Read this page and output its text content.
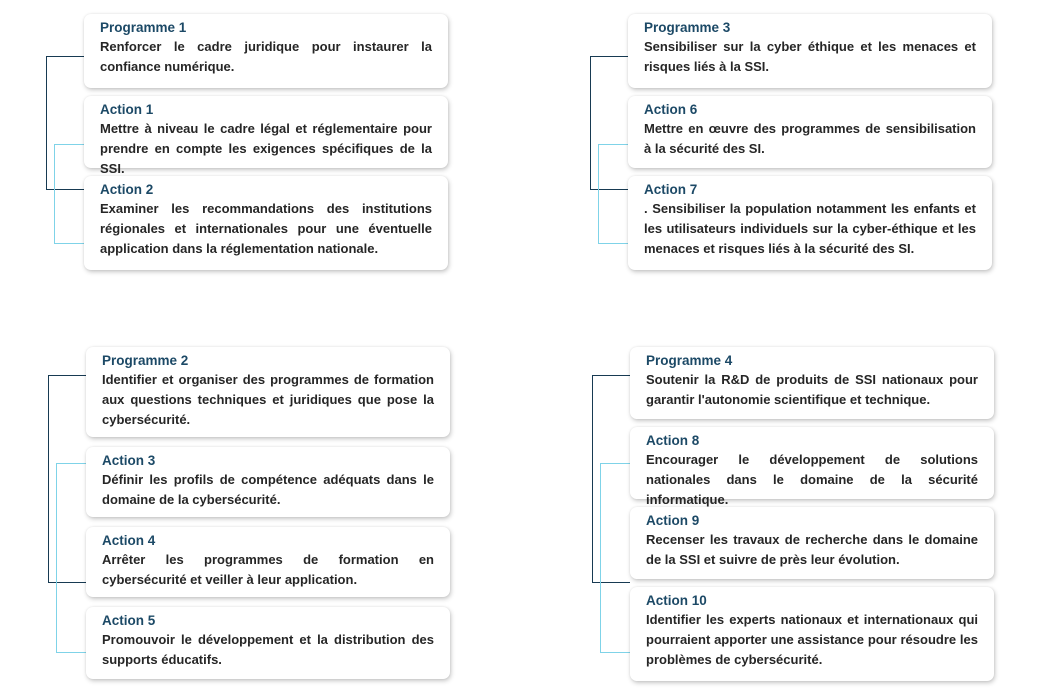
Programme 1
Renforcer le cadre juridique pour instaurer la confiance numérique.
Action 1
Mettre à niveau le cadre légal et réglementaire pour prendre en compte les exigences spécifiques de la SSI.
Action 2
Examiner les recommandations des institutions régionales et internationales pour une éventuelle application dans la réglementation nationale.
Programme 3
Sensibiliser sur la cyber éthique et les menaces et risques liés à la SSI.
Action 6
Mettre en œuvre des programmes de sensibilisation à la sécurité des SI.
Action 7
. Sensibiliser la population notamment les enfants et les utilisateurs individuels sur la cyber-éthique et les menaces et risques liés à la sécurité des SI.
Programme 2
Identifier et organiser des programmes de formation aux questions techniques et juridiques que pose la cybersécurité.
Action 3
Définir les profils de compétence adéquats dans le domaine de la cybersécurité.
Action 4
Arrêter les programmes de formation en cybersécurité et veiller à leur application.
Action 5
Promouvoir le développement et la distribution des supports éducatifs.
Programme 4
Soutenir la R&D de produits de SSI nationaux pour garantir l'autonomie scientifique et technique.
Action 8
Encourager le développement de solutions nationales dans le domaine de la sécurité informatique.
Action 9
Recenser les travaux de recherche dans le domaine de la SSI et suivre de près leur évolution.
Action 10
Identifier les experts nationaux et internationaux qui pourraient apporter une assistance pour résoudre les problèmes de cybersécurité.
